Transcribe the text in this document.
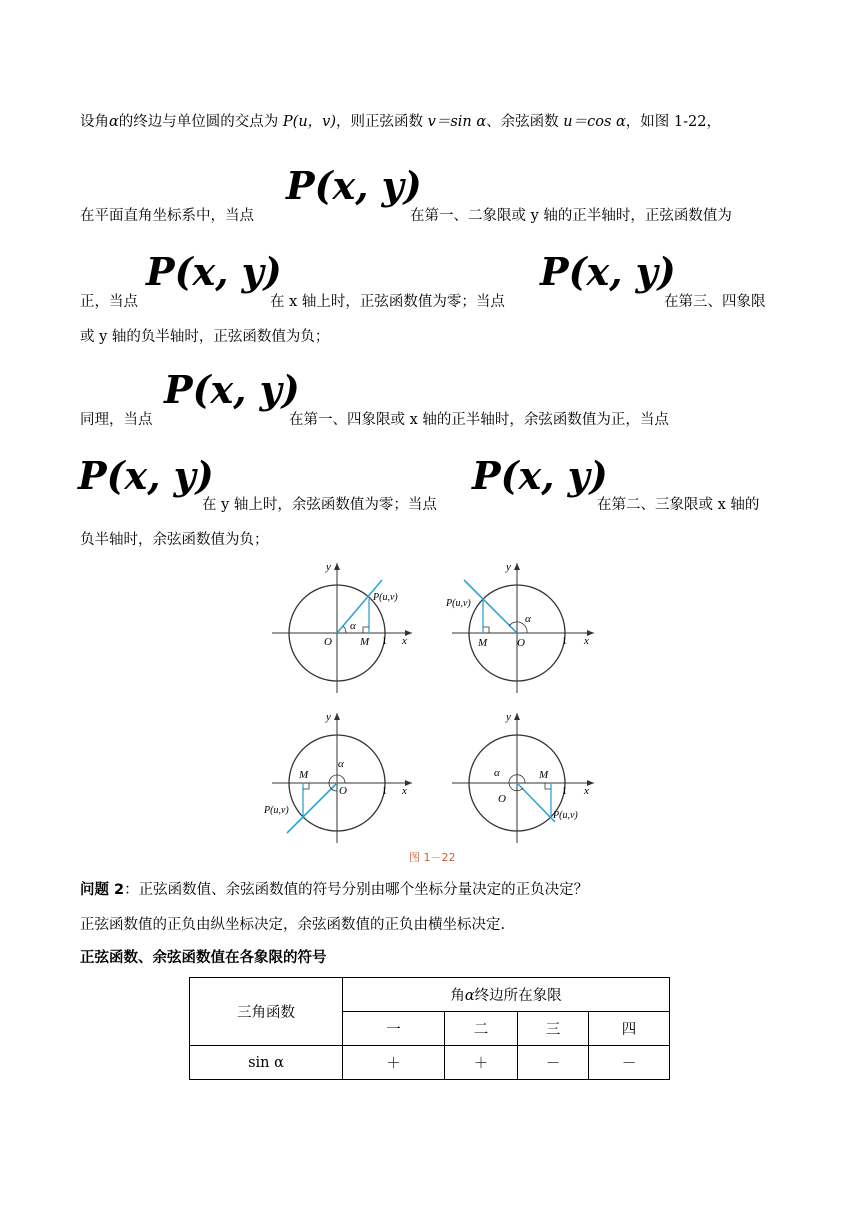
设角α的终边与单位圆的交点为 P(u，v)，则正弦函数 v＝sin α、余弦函数 u＝cos α，如图 1-22，
在平面直角坐标系中，当点
P(x, y)
在第一、二象限或 y 轴的正半轴时，正弦函数值为
正，当点
P(x, y)
在 x 轴上时，正弦函数值为零；当点
P(x, y)
在第三、四象限
或 y 轴的负半轴时，正弦函数值为负；
同理，当点
P(x, y)
在第一、四象限或 x 轴的正半轴时，余弦函数值为正，当点
P(x, y)
在 y 轴上时，余弦函数值为零；当点
P(x, y)
在第二、三象限或 x 轴的
负半轴时，余弦函数值为负；
y
x
O	M 1
P(u,v)
α
y
x
O
M	1
P(u,v)
α
y
x
O
M
1
P(u,v)
α
y
x
O
M
1
P(u,v)
α
图 1－22
问题 2：正弦函数值、余弦函数值的符号分别由哪个坐标分量决定的正负决定？
正弦函数值的正负由纵坐标决定，余弦函数值的正负由横坐标决定.
正弦函数、余弦函数值在各象限的符号
三角函数	角α终边所在象限			
	一	二	三	四
sin α	＋	＋	－	－
